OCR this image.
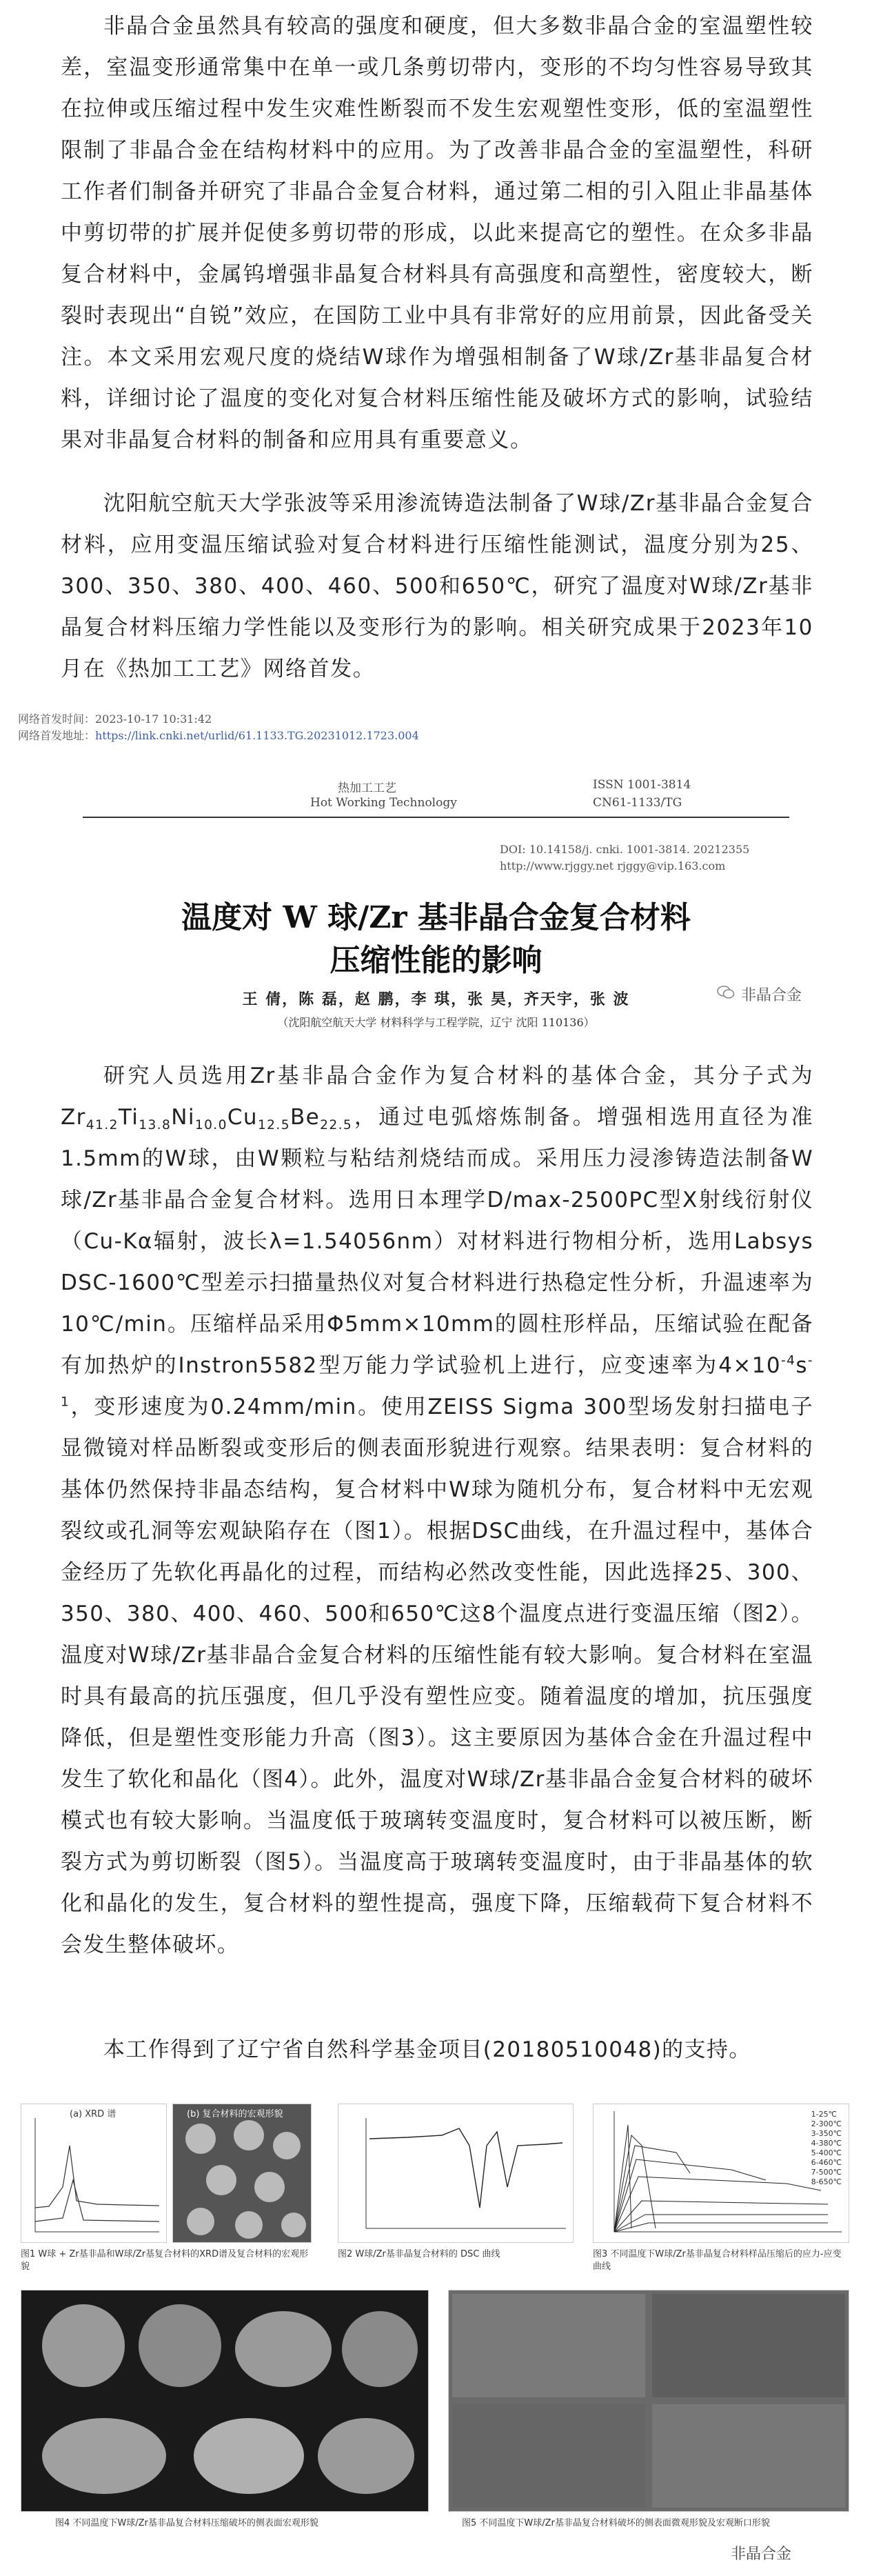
非晶合金虽然具有较高的强度和硬度，但大多数非晶合金的室温塑性较差，室温变形通常集中在单一或几条剪切带内，变形的不均匀性容易导致其在拉伸或压缩过程中发生灾难性断裂而不发生宏观塑性变形，低的室温塑性限制了非晶合金在结构材料中的应用。为了改善非晶合金的室温塑性，科研工作者们制备并研究了非晶合金复合材料，通过第二相的引入阻止非晶基体中剪切带的扩展并促使多剪切带的形成，以此来提高它的塑性。在众多非晶复合材料中，金属钨增强非晶复合材料具有高强度和高塑性，密度较大，断裂时表现出“自锐”效应，在国防工业中具有非常好的应用前景，因此备受关注。本文采用宏观尺度的烧结W球作为增强相制备了W球/Zr基非晶复合材料，详细讨论了温度的变化对复合材料压缩性能及破坏方式的影响，试验结果对非晶复合材料的制备和应用具有重要意义。

沈阳航空航天大学张波等采用渗流铸造法制备了W球/Zr基非晶合金复合材料，应用变温压缩试验对复合材料进行压缩性能测试，温度分别为25、300、350、380、400、460、500和650℃，研究了温度对W球/Zr基非晶复合材料压缩力学性能以及变形行为的影响。相关研究成果于2023年10月在《热加工工艺》网络首发。

网络首发时间：2023-10-17 10:31:42
网络首发地址：https://link.cnki.net/urlid/61.1133.TG.20231012.1723.004
热加工工艺
Hot Working Technology
ISSN 1001-3814
CN61-1133/TG
DOI: 10.14158/j. cnki. 1001-3814. 20212355
http://www.rjggy.net rjggy@vip.163.com
温度对 W 球/Zr 基非晶合金复合材料
压缩性能的影响
王 倩，陈 磊，赵 鹏，李 琪，张 昊，齐天宇，张 波
（沈阳航空航天大学 材料科学与工程学院，辽宁 沈阳 110136）
非晶合金

研究人员选用Zr基非晶合金作为复合材料的基体合金，其分子式为$Zr_{41.2}Ti_{13.8}Ni_{10.0}Cu_{12.5}Be_{22.5}$，通过电弧熔炼制备。增强相选用直径为准1.5mm的W球，由W颗粒与粘结剂烧结而成。采用压力浸渗铸造法制备W球/Zr基非晶合金复合材料。选用日本理学D/max-2500PC型X射线衍射仪（Cu-Kα辐射，波长λ=1.54056nm）对材料进行物相分析，选用Labsys DSC-1600℃型差示扫描量热仪对复合材料进行热稳定性分析，升温速率为10℃/min。压缩样品采用Φ5mm×10mm的圆柱形样品，压缩试验在配备有加热炉的Instron5582型万能力学试验机上进行，应变速率为$4\times 10^{-4}s^{-1}$，变形速度为0.24mm/min。使用ZEISS Sigma 300型场发射扫描电子显微镜对样品断裂或变形后的侧表面形貌进行观察。结果表明：复合材料的基体仍然保持非晶态结构，复合材料中W球为随机分布，复合材料中无宏观裂纹或孔洞等宏观缺陷存在（图1）。根据DSC曲线，在升温过程中，基体合金经历了先软化再晶化的过程，而结构必然改变性能，因此选择25、300、350、380、400、460、500和650℃这8个温度点进行变温压缩（图2）。温度对W球/Zr基非晶合金复合材料的压缩性能有较大影响。复合材料在室温时具有最高的抗压强度，但几乎没有塑性应变。随着温度的增加，抗压强度降低，但是塑性变形能力升高（图3）。这主要原因为基体合金在升温过程中发生了软化和晶化（图4）。此外，温度对W球/Zr基非晶合金复合材料的破坏模式也有较大影响。当温度低于玻璃转变温度时，复合材料可以被压断，断裂方式为剪切断裂（图5）。当温度高于玻璃转变温度时，由于非晶基体的软化和晶化的发生，复合材料的塑性提高，强度下降，压缩载荷下复合材料不会发生整体破坏。

本工作得到了辽宁省自然科学基金项目(20180510048)的支持。

(a) XRD 谱	(b) 复合材料的宏观形貌
图1 W球 + Zr基非晶和W球/Zr基复合材料的XRD谱及复合材料的宏观形貌
图2 W球/Zr基非晶复合材料的 DSC 曲线
1-25℃
2-300℃
3-350℃
4-380℃
5-400℃
6-460℃
7-500℃
8-650℃
图3 不同温度下W球/Zr基非晶复合材料样品压缩后的应力-应变曲线
图4 不同温度下W球/Zr基非晶复合材料压缩破坏的侧表面宏观形貌	图5 不同温度下W球/Zr基非晶复合材料破坏的侧表面微观形貌及宏观断口形貌
非晶合金
